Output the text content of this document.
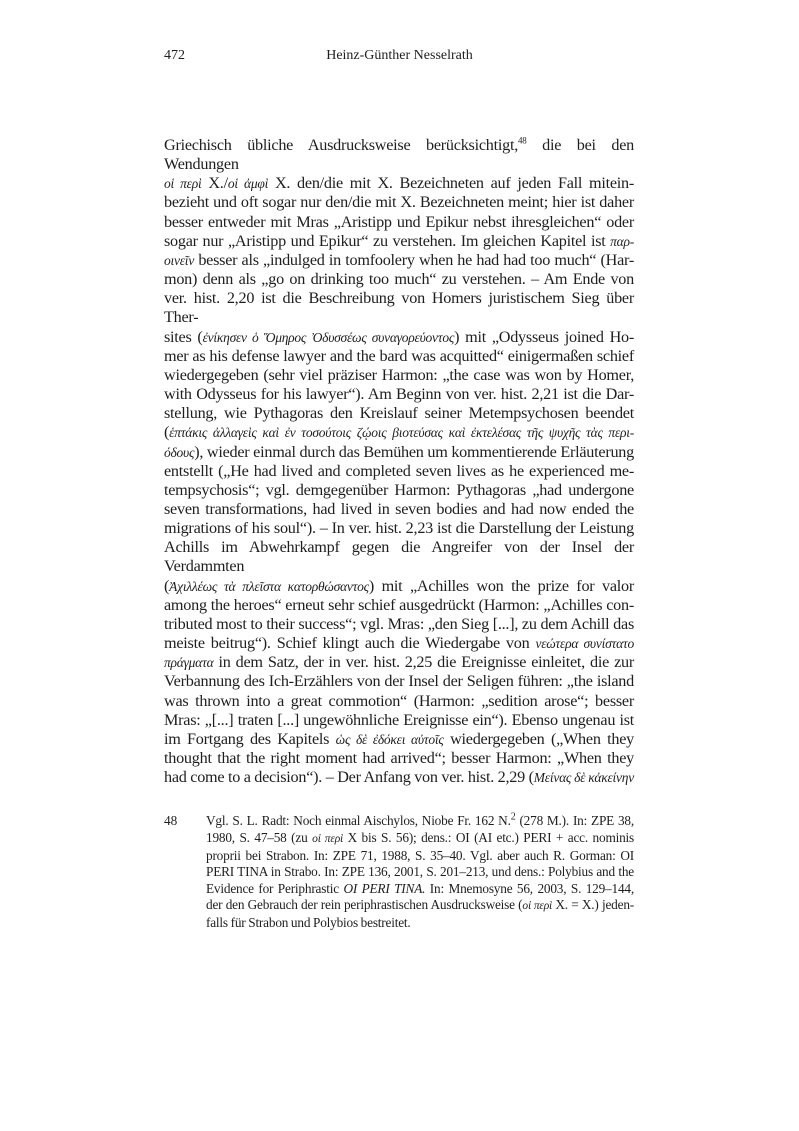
472	Heinz-Günther Nesselrath
Griechisch übliche Ausdrucksweise berücksichtigt,$^{48}$ die bei den Wendungen
οἱ περὶ X./οἱ ἀμφὶ X. den/die mit X. Bezeichneten auf jeden Fall mitein-
bezieht und oft sogar nur den/die mit X. Bezeichneten meint; hier ist daher
besser entweder mit Mras „Aristipp und Epikur nebst ihresgleichen“ oder
sogar nur „Aristipp und Epikur“ zu verstehen. Im gleichen Kapitel ist παρ-
οινεῖν besser als „indulged in tomfoolery when he had had too much“ (Har-
mon) denn als „go on drinking too much“ zu verstehen. – Am Ende von
ver. hist. 2,20 ist die Beschreibung von Homers juristischem Sieg über Ther-
sites (ἐνίκησεν ὁ Ὅμηρος Ὀδυσσέως συναγορεύοντος) mit „Odysseus joined Ho-
mer as his defense lawyer and the bard was acquitted“ einigermaßen schief
wiedergegeben (sehr viel präziser Harmon: „the case was won by Homer,
with Odysseus for his lawyer“). Am Beginn von ver. hist. 2,21 ist die Dar-
stellung, wie Pythagoras den Kreislauf seiner Metempsychosen beendet
(ἑπτάκις ἀλλαγεὶς καὶ ἐν τοσούτοις ζῴοις βιοτεύσας καὶ ἐκτελέσας τῆς ψυχῆς τὰς περι-
όδους), wieder einmal durch das Bemühen um kommentierende Erläuterung
entstellt („He had lived and completed seven lives as he experienced me-
tempsychosis“; vgl. demgegenüber Harmon: Pythagoras „had undergone
seven transformations, had lived in seven bodies and had now ended the
migrations of his soul“). – In ver. hist. 2,23 ist die Darstellung der Leistung
Achills im Abwehrkampf gegen die Angreifer von der Insel der Verdammten
(Ἀχιλλέως τὰ πλεῖστα κατορθώσαντος) mit „Achilles won the prize for valor
among the heroes“ erneut sehr schief ausgedrückt (Harmon: „Achilles con-
tributed most to their success“; vgl. Mras: „den Sieg [...], zu dem Achill das
meiste beitrug“). Schief klingt auch die Wiedergabe von νεώτερα συνίστατο
πράγματα in dem Satz, der in ver. hist. 2,25 die Ereignisse einleitet, die zur
Verbannung des Ich-Erzählers von der Insel der Seligen führen: „the island
was thrown into a great commotion“ (Harmon: „sedition arose“; besser
Mras: „[...] traten [...] ungewöhnliche Ereignisse ein“). Ebenso ungenau ist
im Fortgang des Kapitels ὡς δὲ ἐδόκει αὐτοῖς wiedergegeben („When they
thought that the right moment had arrived“; besser Harmon: „When they
had come to a decision“). – Der Anfang von ver. hist. 2,29 (Μείνας δὲ κἀκείνην
48 Vgl. S. L. Radt: Noch einmal Aischylos, Niobe Fr. 162 N.$^2$ (278 M.). In: ZPE 38,
1980, S. 47–58 (zu οἱ περὶ X bis S. 56); dens.: OI (AI etc.) PERI + acc. nominis
proprii bei Strabon. In: ZPE 71, 1988, S. 35–40. Vgl. aber auch R. Gorman: OI
PERI TINA in Strabo. In: ZPE 136, 2001, S. 201–213, und dens.: Polybius and the
Evidence for Periphrastic OI PERI TINA. In: Mnemosyne 56, 2003, S. 129–144,
der den Gebrauch der rein periphrastischen Ausdrucksweise (οἱ περὶ X. = X.) jeden-
falls für Strabon und Polybios bestreitet.
